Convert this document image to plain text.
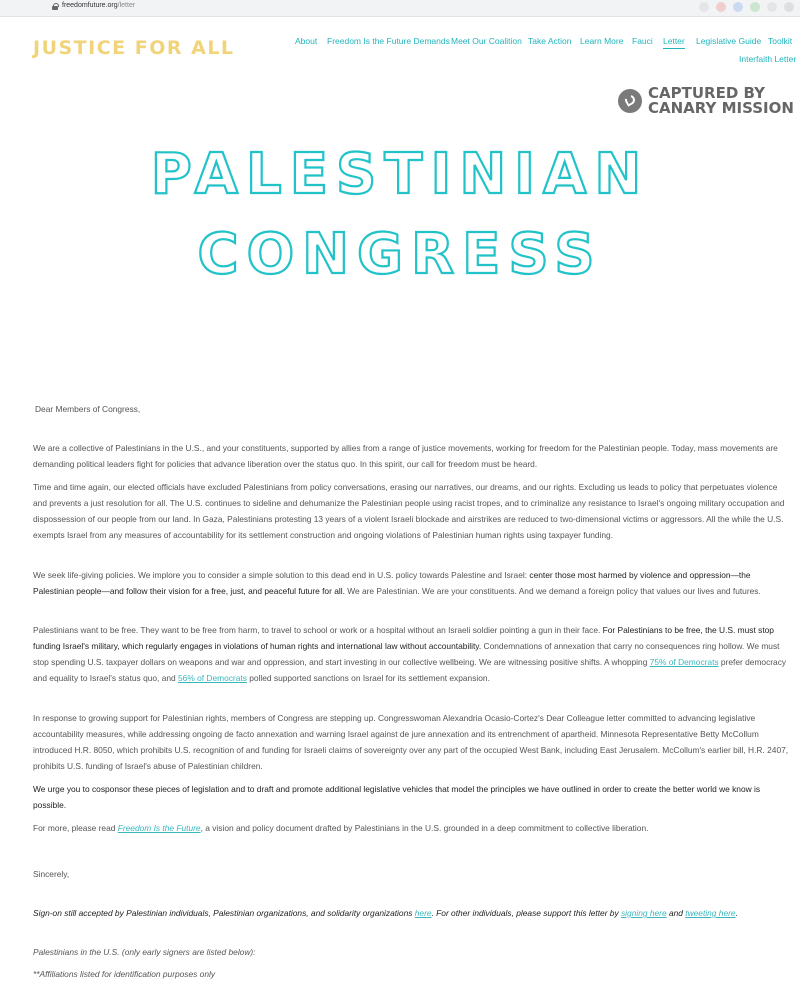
freedomfuture.org/letter
JUSTICE FOR ALL	About Freedom Is the Future Demands Meet Our Coalition Take Action Learn More Fauci Letter Legislative Guide Toolkit
Interfaith Letter
CAPTURED BY
CANARY MISSION
PALESTINIAN
CONGRESS
Dear Members of Congress,
We are a collective of Palestinians in the U.S., and your constituents, supported by allies from a range of justice movements, working for freedom for the Palestinian people. Today, mass movements are demanding political leaders fight for policies that advance liberation over the status quo. In this spirit, our call for freedom must be heard.
Time and time again, our elected officials have excluded Palestinians from policy conversations, erasing our narratives, our dreams, and our rights. Excluding us leads to policy that perpetuates violence and prevents a just resolution for all. The U.S. continues to sideline and dehumanize the Palestinian people using racist tropes, and to criminalize any resistance to Israel's ongoing military occupation and dispossession of our people from our land. In Gaza, Palestinians protesting 13 years of a violent Israeli blockade and airstrikes are reduced to two-dimensional victims or aggressors. All the while the U.S. exempts Israel from any measures of accountability for its settlement construction and ongoing violations of Palestinian human rights using taxpayer funding.
We seek life-giving policies. We implore you to consider a simple solution to this dead end in U.S. policy towards Palestine and Israel: center those most harmed by violence and oppression—the Palestinian people—and follow their vision for a free, just, and peaceful future for all. We are Palestinian. We are your constituents. And we demand a foreign policy that values our lives and futures.
Palestinians want to be free. They want to be free from harm, to travel to school or work or a hospital without an Israeli soldier pointing a gun in their face. For Palestinians to be free, the U.S. must stop funding Israel's military, which regularly engages in violations of human rights and international law without accountability. Condemnations of annexation that carry no consequences ring hollow. We must stop spending U.S. taxpayer dollars on weapons and war and oppression, and start investing in our collective wellbeing. We are witnessing positive shifts. A whopping 75% of Democrats prefer democracy and equality to Israel's status quo, and 56% of Democrats polled supported sanctions on Israel for its settlement expansion.
In response to growing support for Palestinian rights, members of Congress are stepping up. Congresswoman Alexandria Ocasio-Cortez's Dear Colleague letter committed to advancing legislative accountability measures, while addressing ongoing de facto annexation and warning Israel against de jure annexation and its entrenchment of apartheid. Minnesota Representative Betty McCollum introduced H.R. 8050, which prohibits U.S. recognition of and funding for Israeli claims of sovereignty over any part of the occupied West Bank, including East Jerusalem. McCollum's earlier bill, H.R. 2407, prohibits U.S. funding of Israel's abuse of Palestinian children.
We urge you to cosponsor these pieces of legislation and to draft and promote additional legislative vehicles that model the principles we have outlined in order to create the better world we know is possible.
For more, please read Freedom Is the Future, a vision and policy document drafted by Palestinians in the U.S. grounded in a deep commitment to collective liberation.
Sincerely,
Sign-on still accepted by Palestinian individuals, Palestinian organizations, and solidarity organizations here. For other individuals, please support this letter by signing here and tweeting here.
Palestinians in the U.S. (only early signers are listed below):
**Affiliations listed for identification purposes only
